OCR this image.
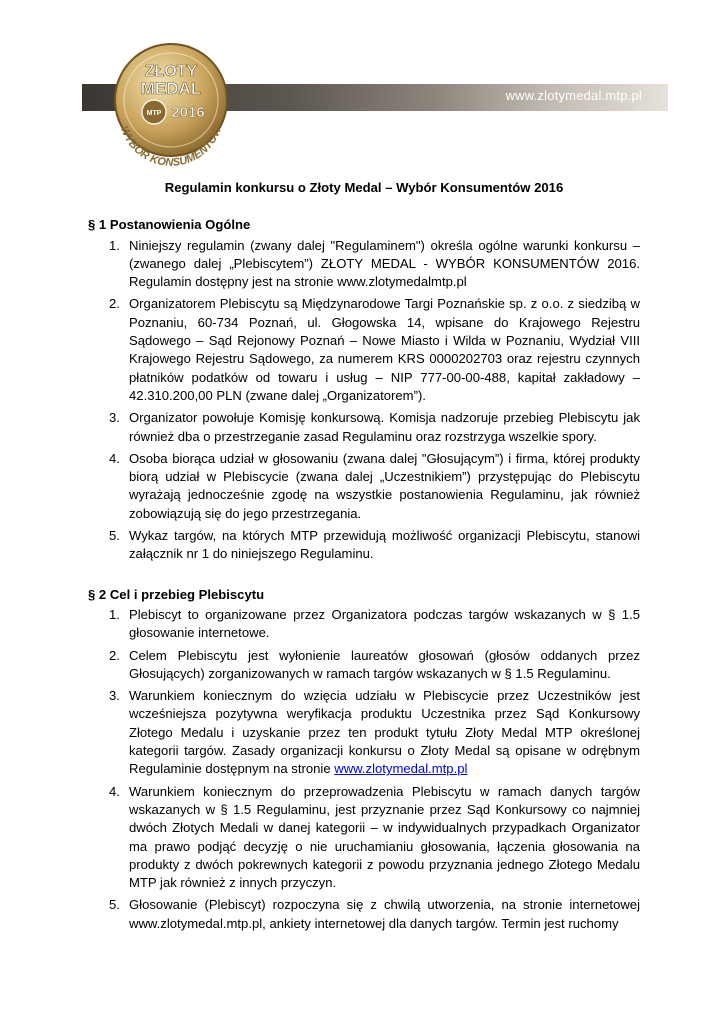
www.zlotymedal.mtp.pl
ZŁOTY
MEDAL
MTP 2016
WYBÓR KONSUMENTÓW

Regulamin konkursu o Złoty Medal – Wybór Konsumentów 2016

§ 1 Postanowienia Ogólne

1. Niniejszy regulamin (zwany dalej "Regulaminem") określa ogólne warunki konkursu – (zwanego dalej „Plebiscytem”) ZŁOTY MEDAL - WYBÓR KONSUMENTÓW 2016. Regulamin dostępny jest na stronie www.zlotymedalmtp.pl
2. Organizatorem Plebiscytu są Międzynarodowe Targi Poznańskie sp. z o.o. z siedzibą w Poznaniu, 60-734 Poznań, ul. Głogowska 14, wpisane do Krajowego Rejestru Sądowego – Sąd Rejonowy Poznań – Nowe Miasto i Wilda w Poznaniu, Wydział VIII Krajowego Rejestru Sądowego, za numerem KRS 0000202703 oraz rejestru czynnych płatników podatków od towaru i usług – NIP 777-00-00-488, kapitał zakładowy – 42.310.200,00 PLN (zwane dalej „Organizatorem”).
3. Organizator powołuje Komisję konkursową. Komisja nadzoruje przebieg Plebiscytu jak również dba o przestrzeganie zasad Regulaminu oraz rozstrzyga wszelkie spory.
4. Osoba biorąca udział w głosowaniu (zwana dalej "Głosującym”) i firma, której produkty biorą udział w Plebiscycie (zwana dalej „Uczestnikiem”) przystępując do Plebiscytu wyrażają jednocześnie zgodę na wszystkie postanowienia Regulaminu, jak również zobowiązują się do jego przestrzegania.
5. Wykaz targów, na których MTP przewidują możliwość organizacji Plebiscytu, stanowi załącznik nr 1 do niniejszego Regulaminu.

§ 2 Cel i przebieg Plebiscytu

1. Plebiscyt to organizowane przez Organizatora podczas targów wskazanych w § 1.5 głosowanie internetowe.
2. Celem Plebiscytu jest wyłonienie laureatów głosowań (głosów oddanych przez Głosujących) zorganizowanych w ramach targów wskazanych w § 1.5 Regulaminu.
3. Warunkiem koniecznym do wzięcia udziału w Plebiscycie przez Uczestników jest wcześniejsza pozytywna weryfikacja produktu Uczestnika przez Sąd Konkursowy Złotego Medalu i uzyskanie przez ten produkt tytułu Złoty Medal MTP określonej kategorii targów. Zasady organizacji konkursu o Złoty Medal są opisane w odrębnym Regulaminie dostępnym na stronie www.zlotymedal.mtp.pl
4. Warunkiem koniecznym do przeprowadzenia Plebiscytu w ramach danych targów wskazanych w § 1.5 Regulaminu, jest przyznanie przez Sąd Konkursowy co najmniej dwóch Złotych Medali w danej kategorii – w indywidualnych przypadkach Organizator ma prawo podjąć decyzję o nie uruchamianiu głosowania, łączenia głosowania na produkty z dwóch pokrewnych kategorii z powodu przyznania jednego Złotego Medalu MTP jak również z innych przyczyn.
5. Głosowanie (Plebiscyt) rozpoczyna się z chwilą utworzenia, na stronie internetowej www.zlotymedal.mtp.pl, ankiety internetowej dla danych targów. Termin jest ruchomy
